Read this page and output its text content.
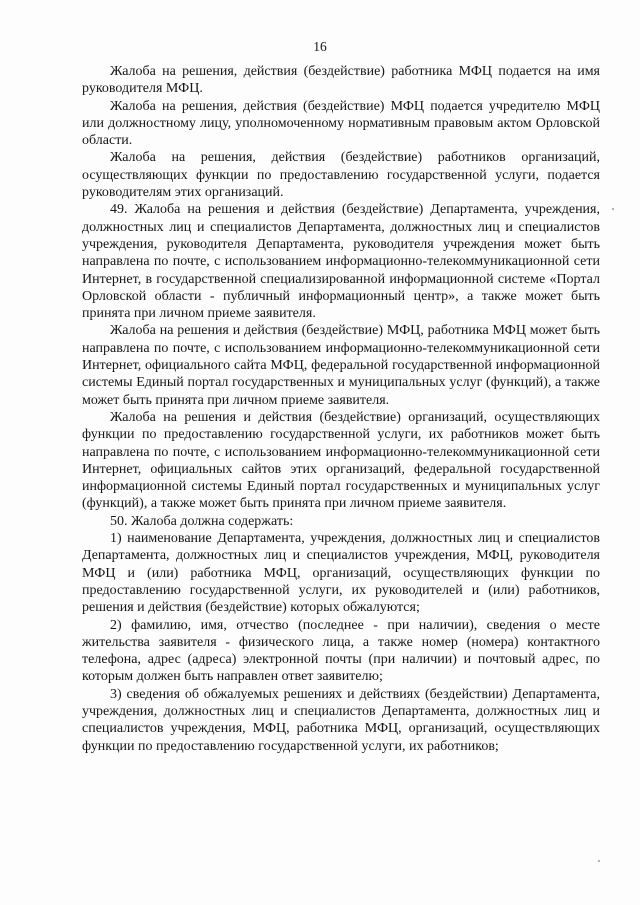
16

Жалоба на решения, действия (бездействие) работника МФЦ подается на имя руководителя МФЦ.

Жалоба на решения, действия (бездействие) МФЦ подается учредителю МФЦ или должностному лицу, уполномоченному нормативным правовым актом Орловской области.

Жалоба на решения, действия (бездействие) работников организаций, осуществляющих функции по предоставлению государственной услуги, подается руководителям этих организаций.

49. Жалоба на решения и действия (бездействие) Департамента, учреждения, должностных лиц и специалистов Департамента, должностных лиц и специалистов учреждения, руководителя Департамента, руководителя учреждения может быть направлена по почте, с использованием информационно-телекоммуникационной сети Интернет, в государственной специализированной информационной системе «Портал Орловской области - публичный информационный центр», а также может быть принята при личном приеме заявителя.

Жалоба на решения и действия (бездействие) МФЦ, работника МФЦ может быть направлена по почте, с использованием информационно-телекоммуникационной сети Интернет, официального сайта МФЦ, федеральной государственной информационной системы Единый портал государственных и муниципальных услуг (функций), а также может быть принята при личном приеме заявителя.

Жалоба на решения и действия (бездействие) организаций, осуществляющих функции по предоставлению государственной услуги, их работников может быть направлена по почте, с использованием информационно-телекоммуникационной сети Интернет, официальных сайтов этих организаций, федеральной государственной информационной системы Единый портал государственных и муниципальных услуг (функций), а также может быть принята при личном приеме заявителя.

50. Жалоба должна содержать:

1) наименование Департамента, учреждения, должностных лиц и специалистов Департамента, должностных лиц и специалистов учреждения, МФЦ, руководителя МФЦ и (или) работника МФЦ, организаций, осуществляющих функции по предоставлению государственной услуги, их руководителей и (или) работников, решения и действия (бездействие) которых обжалуются;

2) фамилию, имя, отчество (последнее - при наличии), сведения о месте жительства заявителя - физического лица, а также номер (номера) контактного телефона, адрес (адреса) электронной почты (при наличии) и почтовый адрес, по которым должен быть направлен ответ заявителю;

3) сведения об обжалуемых решениях и действиях (бездействии) Департамента, учреждения, должностных лиц и специалистов Департамента, должностных лиц и специалистов учреждения, МФЦ, работника МФЦ, организаций, осуществляющих функции по предоставлению государственной услуги, их работников;
